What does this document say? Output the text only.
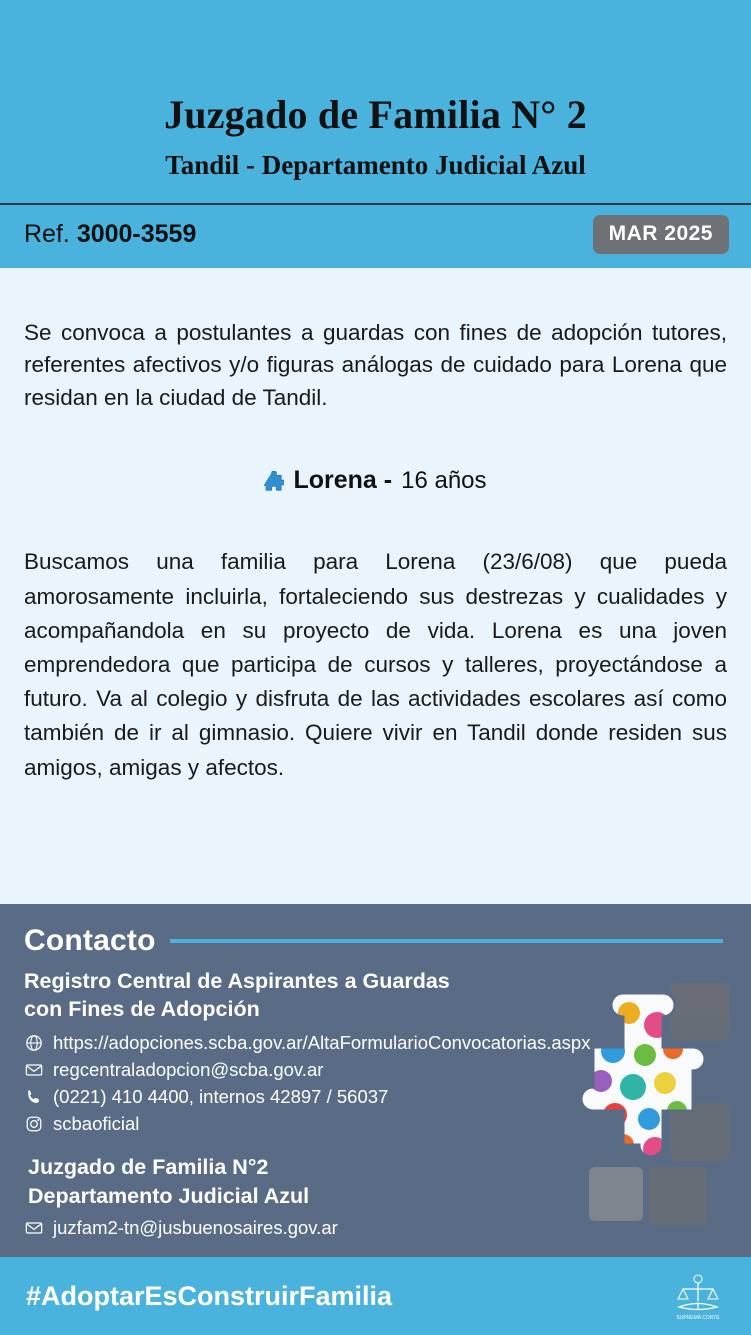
Juzgado de Familia N° 2
Tandil - Departamento Judicial Azul
Ref. 3000-3559	MAR 2025

Se convoca a postulantes a guardas con fines de adopción tutores, referentes afectivos y/o figuras análogas de cuidado para Lorena que residan en la ciudad de Tandil.

Lorena - 16 años

Buscamos una familia para Lorena (23/6/08) que pueda amorosamente incluirla, fortaleciendo sus destrezas y cualidades y acompañandola en su proyecto de vida. Lorena es una joven emprendedora que participa de cursos y talleres, proyectándose a futuro. Va al colegio y disfruta de las actividades escolares así como también de ir al gimnasio. Quiere vivir en Tandil donde residen sus amigos, amigas y afectos.

Contacto
Registro Central de Aspirantes a Guardas
con Fines de Adopción
https://adopciones.scba.gov.ar/AltaFormularioConvocatorias.aspx
regcentraladopcion@scba.gov.ar
(0221) 410 4400, internos 42897 / 56037
scbaoficial
Juzgado de Familia N°2
Departamento Judicial Azul
juzfam2-tn@jusbuenosaires.gov.ar
#AdoptarEsConstruirFamilia
SUPREMA CORTE
